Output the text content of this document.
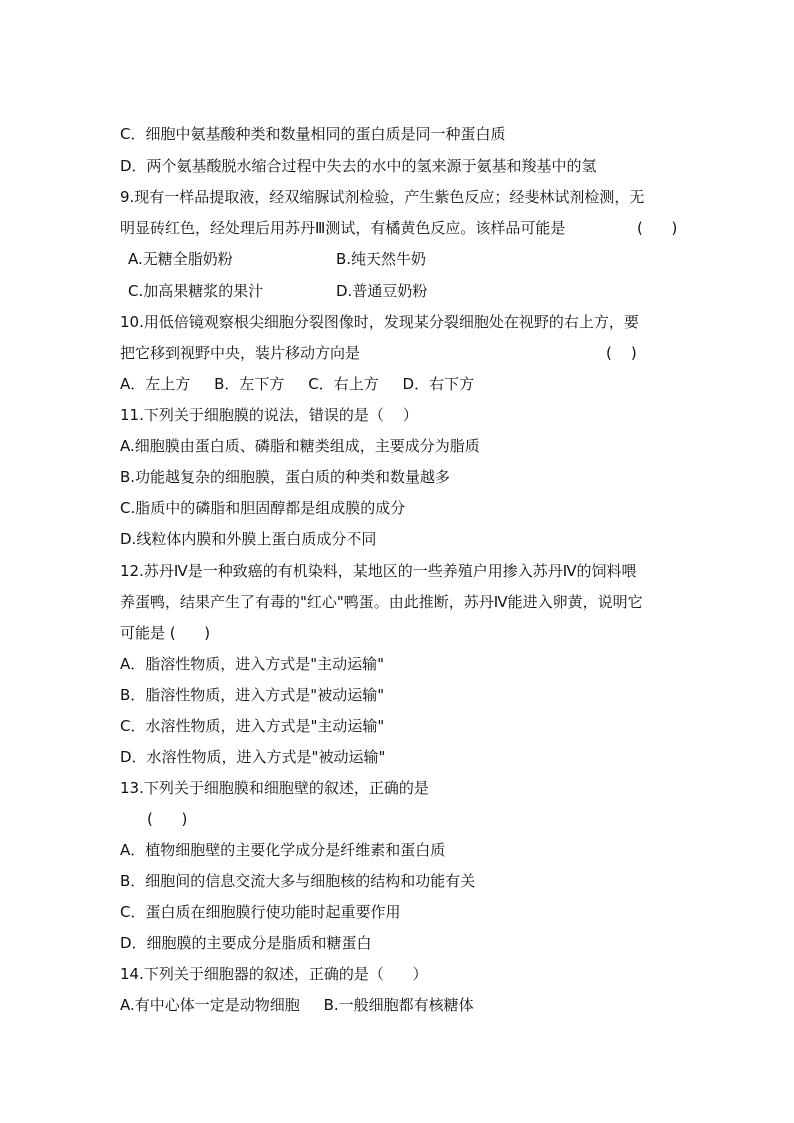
C．细胞中氨基酸种类和数量相同的蛋白质是同一种蛋白质
D．两个氨基酸脱水缩合过程中失去的水中的氢来源于氨基和羧基中的氢
9.现有一样品提取液，经双缩脲试剂检验，产生紫色反应；经斐林试剂检测，无
明显砖红色，经处理后用苏丹Ⅲ测试，有橘黄色反应。该样品可能是	(      )
A.无糖全脂奶粉	B.纯天然牛奶
C.加高果糖浆的果汁	D.普通豆奶粉
10.用低倍镜观察根尖细胞分裂图像时，发现某分裂细胞处在视野的右上方，要
把它移到视野中央，装片移动方向是	(    )
A．左上方     B．左下方     C．右上方     D．右下方
11.下列关于细胞膜的说法，错误的是（    ）
A.细胞膜由蛋白质、磷脂和糖类组成，主要成分为脂质
B.功能越复杂的细胞膜，蛋白质的种类和数量越多
C.脂质中的磷脂和胆固醇都是组成膜的成分
D.线粒体内膜和外膜上蛋白质成分不同
12.苏丹Ⅳ是一种致癌的有机染料，某地区的一些养殖户用掺入苏丹Ⅳ的饲料喂
养蛋鸭，结果产生了有毒的"红心"鸭蛋。由此推断，苏丹Ⅳ能进入卵黄，说明它
可能是 (      )
A．脂溶性物质，进入方式是"主动运输"
B．脂溶性物质，进入方式是"被动运输"
C．水溶性物质，进入方式是"主动运输"
D．水溶性物质，进入方式是"被动运输"
13.下列关于细胞膜和细胞壁的叙述，正确的是
(      )
A．植物细胞壁的主要化学成分是纤维素和蛋白质
B．细胞间的信息交流大多与细胞核的结构和功能有关
C．蛋白质在细胞膜行使功能时起重要作用
D．细胞膜的主要成分是脂质和糖蛋白
14.下列关于细胞器的叙述，正确的是（      ）
A.有中心体一定是动物细胞     B.一般细胞都有核糖体
